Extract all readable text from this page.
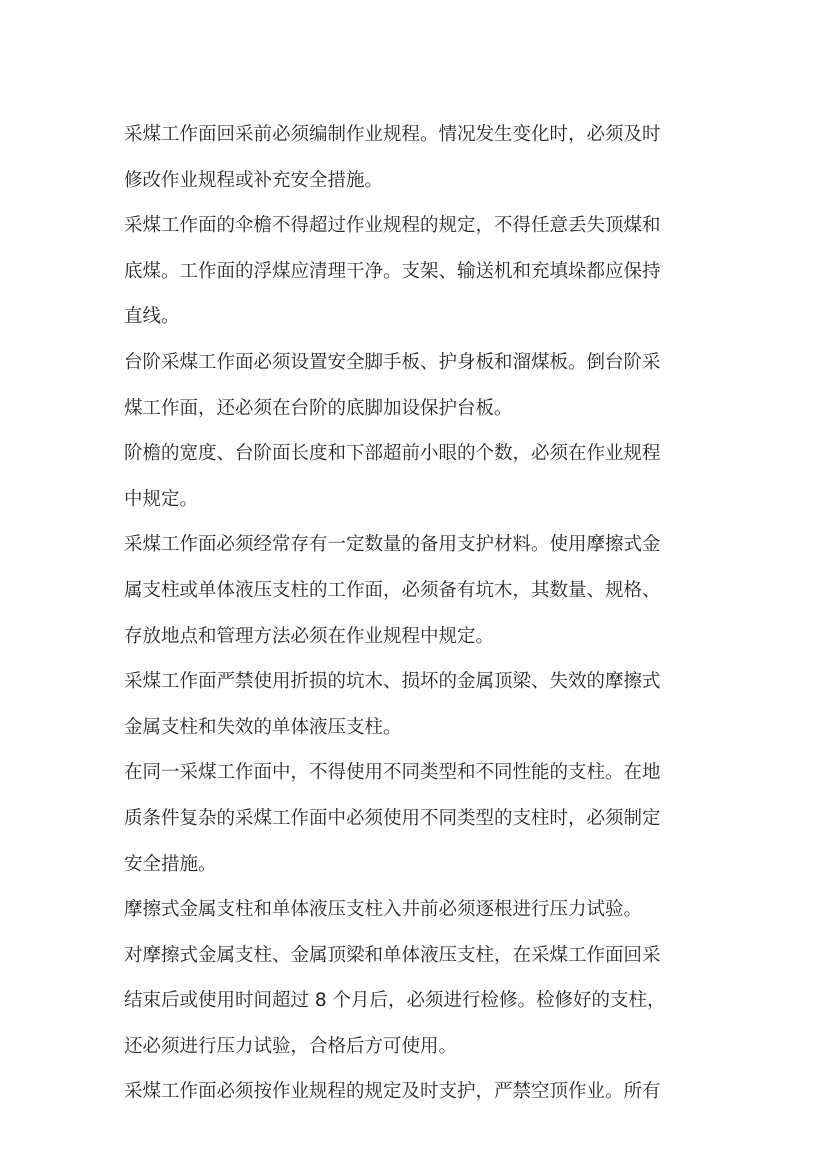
采煤工作面回采前必须编制作业规程。情况发生变化时，必须及时
修改作业规程或补充安全措施。

采煤工作面的伞檐不得超过作业规程的规定，不得任意丢失顶煤和
底煤。工作面的浮煤应清理干净。支架、输送机和充填垛都应保持
直线。

台阶采煤工作面必须设置安全脚手板、护身板和溜煤板。倒台阶采
煤工作面，还必须在台阶的底脚加设保护台板。

阶檐的宽度、台阶面长度和下部超前小眼的个数，必须在作业规程
中规定。

采煤工作面必须经常存有一定数量的备用支护材料。使用摩擦式金
属支柱或单体液压支柱的工作面，必须备有坑木，其数量、规格、
存放地点和管理方法必须在作业规程中规定。

采煤工作面严禁使用折损的坑木、损坏的金属顶梁、失效的摩擦式
金属支柱和失效的单体液压支柱。

在同一采煤工作面中，不得使用不同类型和不同性能的支柱。在地
质条件复杂的采煤工作面中必须使用不同类型的支柱时，必须制定
安全措施。

摩擦式金属支柱和单体液压支柱入井前必须逐根进行压力试验。

对摩擦式金属支柱、金属顶梁和单体液压支柱，在采煤工作面回采
结束后或使用时间超过 8 个月后，必须进行检修。检修好的支柱，
还必须进行压力试验，合格后方可使用。

采煤工作面必须按作业规程的规定及时支护，严禁空顶作业。所有
